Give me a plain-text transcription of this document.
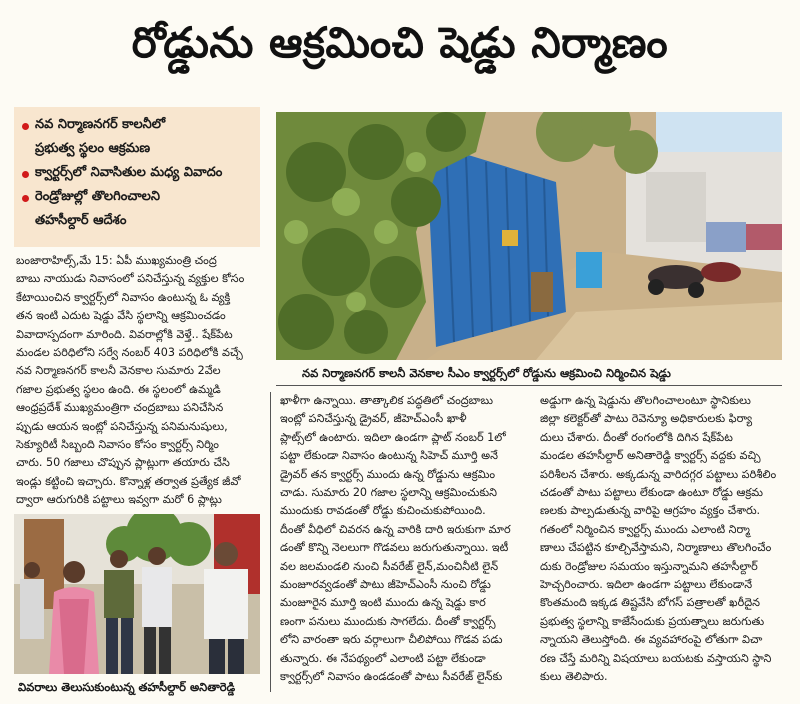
రోడ్డును ఆక్రమించి షెడ్డు నిర్మాణం
నవ నిర్మాణనగర్ కాలనీలో
ప్రభుత్వ స్థలం ఆక్రమణ
క్వార్టర్స్‌లో నివాసితుల మధ్య వివాదం
రెండ్రోజుల్లో తొలగించాలని
తహసీల్దార్ ఆదేశం
బంజారాహిల్స్,మే 15: ఏపీ ముఖ్యమంత్రి చంద్ర
బాబు నాయుడు నివాసంలో పనిచేస్తున్న వ్యక్తుల కోసం
కేటాయించిన క్వార్టర్స్‌లో నివాసం ఉంటున్న ఓ వ్యక్తి
తన ఇంటి ఎదుట షెడ్డు వేసి స్థలాన్ని ఆక్రమించడం
వివాదాస్పదంగా మారింది. వివరాల్లోకి వెళ్తే.. షేక్‌పేట
మండల పరిధిలోని సర్వే నంబర్ 403 పరిధిలోకి వచ్చే
నవ నిర్మాణనగర్ కాలనీ వెనకాల సుమారు 2వేల
గజాల ప్రభుత్వ స్థలం ఉంది. ఈ స్థలంలో ఉమ్మడి
ఆంధ్రప్రదేశ్ ముఖ్యమంత్రిగా చంద్రబాబు పనిచేసిన
ప్పుడు ఆయన ఇంట్లో పనిచేస్తున్న పనిమనుషులు,
సెక్యూరిటీ సిబ్బంది నివాసం కోసం క్వార్టర్స్ నిర్మిం
చారు. 50 గజాలు చొప్పున ప్లాట్లుగా తయారు చేసి
ఇండ్లు కట్టించి ఇచ్చారు. కొన్నాళ్ల తర్వాత ప్రత్యేక జీవో
ద్వారా ఆరుగురికి పట్టాలు ఇవ్వగా మరో 6 ప్లాట్లు
నవ నిర్మాణనగర్ కాలనీ వెనకాల సీఎం క్వార్టర్స్‌లో రోడ్డును ఆక్రమించి నిర్మించిన షెడ్డు
ఖాళీగా ఉన్నాయి. తాత్కాలిక పద్ధతిలో చంద్రబాబు
ఇంట్లో పనిచేస్తున్న డ్రైవర్, జీహెచ్‌ఎంసీ ఖాళీ
ప్లాట్స్‌లో ఉంటారు. ఇదిలా ఉండగా ప్లాట్ నంబర్ 1లో
పట్టా లేకుండా నివాసం ఉంటున్న సిహెచ్ మూర్తి అనే
డ్రైవర్ తన క్వార్టర్స్ ముందు ఉన్న రోడ్డును ఆక్రమిం
చాడు. సుమారు 20 గజాల స్థలాన్ని ఆక్రమించుకుని
ముందుకు రావడంతో రోడ్డు కుచించుకుపోయింది.
దీంతో వీధిలో చివరన ఉన్న వారికి దారి ఇరుకుగా మార
డంతో కొన్ని నెలలుగా గొడవలు జరుగుతున్నాయి. ఇటీ
వల జలమండలి నుంచి సీవరేజ్ లైన్,మంచినీటి లైన్
మంజూరవ్వడంతో పాటు జీహెచ్‌ఎంసీ నుంచి రోడ్డు
మంజూరైన మూర్తి ఇంటి ముందు ఉన్న షెడ్డు కార
ణంగా పనులు ముందుకు సాగలేదు. దీంతో క్వార్టర్స్
లోని వారంతా ఇరు వర్గాలుగా చీలిపోయి గొడవ పడు
తున్నారు. ఈ నేపథ్యంలో ఎలాంటి పట్టా లేకుండా
క్వార్టర్స్‌లో నివాసం ఉండడంతో పాటు సీవరేజ్ లైన్‌కు
అడ్డుగా ఉన్న షెడ్డును తొలగించాలంటూ స్థానికులు
జిల్లా కలెక్టర్‌తో పాటు రెవెన్యూ అధికారులకు ఫిర్యా
దులు చేశారు. దీంతో రంగంలోకి దిగిన షేక్‌పేట
మండల తహసీల్దార్ అనితారెడ్డి క్వార్టర్స్ వద్దకు వచ్చి
పరిశీలన చేశారు. అక్కడున్న వారిదగ్గర పట్టాలు పరిశీలిం
చడంతో పాటు పట్టాలు లేకుండా ఉంటూ రోడ్డు ఆక్రమ
ణలకు పాల్పడుతున్న వారిపై ఆగ్రహం వ్యక్తం చేశారు.
గతంలో నిర్మించిన క్వార్టర్స్ ముందు ఎలాంటి నిర్మా
ణాలు చేపట్టిన కూల్చివేస్తామని, నిర్మాణాలు తొలగించేం
దుకు రెండ్రోజుల సమయం ఇస్తున్నామని తహసీల్దార్
హెచ్చరించారు. ఇదిలా ఉండగా పట్టాలు లేకుండానే
కొంతమంది ఇక్కడ తిష్టవేసి బోగస్ పత్రాలతో ఖరీదైన
ప్రభుత్వ స్థలాన్ని కాజేసేందుకు ప్రయత్నాలు జరుగుతు
న్నాయని తెలుస్తోంది. ఈ వ్యవహారంపై లోతుగా విచా
రణ చేస్తే మరిన్ని విషయాలు బయటకు వస్తాయని స్థాని
కులు తెలిపారు.
వివరాలు తెలుసుకుంటున్న తహసీల్దార్ అనితారెడ్డి
